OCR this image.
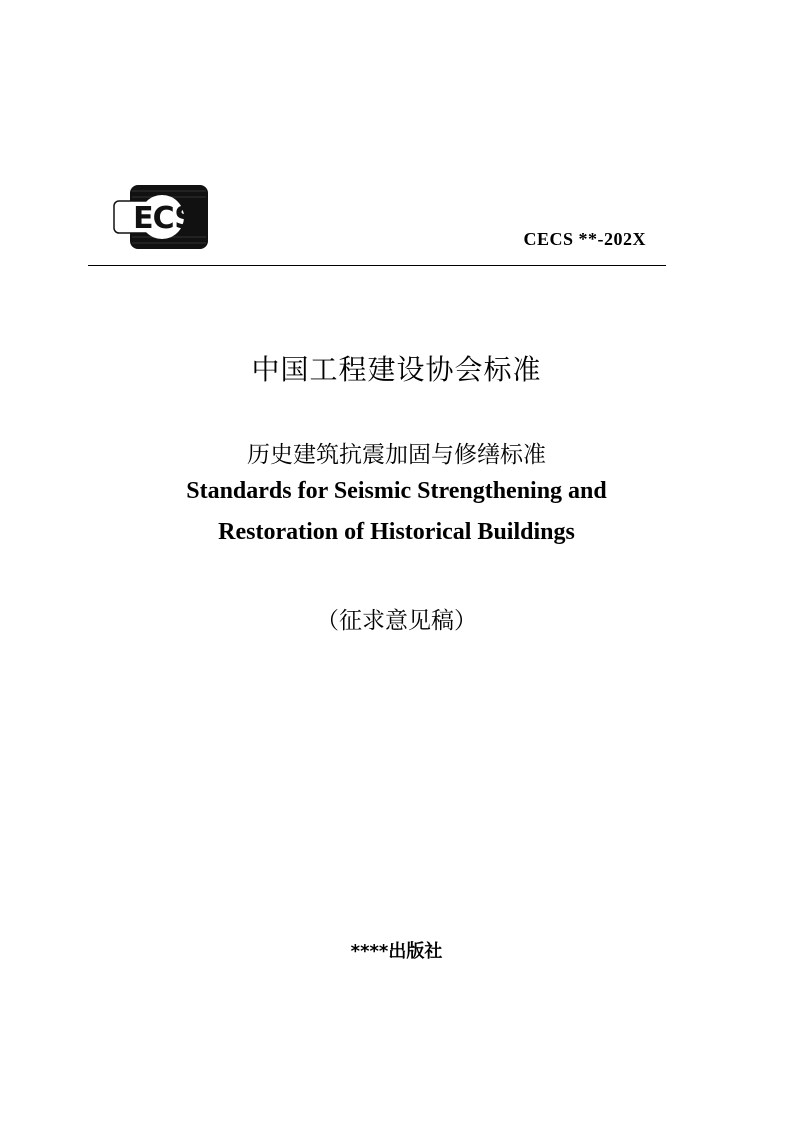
ECS
CECS **-202X
中国工程建设协会标准
历史建筑抗震加固与修缮标准
Standards for Seismic Strengthening and
Restoration of Historical Buildings
（征求意见稿）
****出版社
